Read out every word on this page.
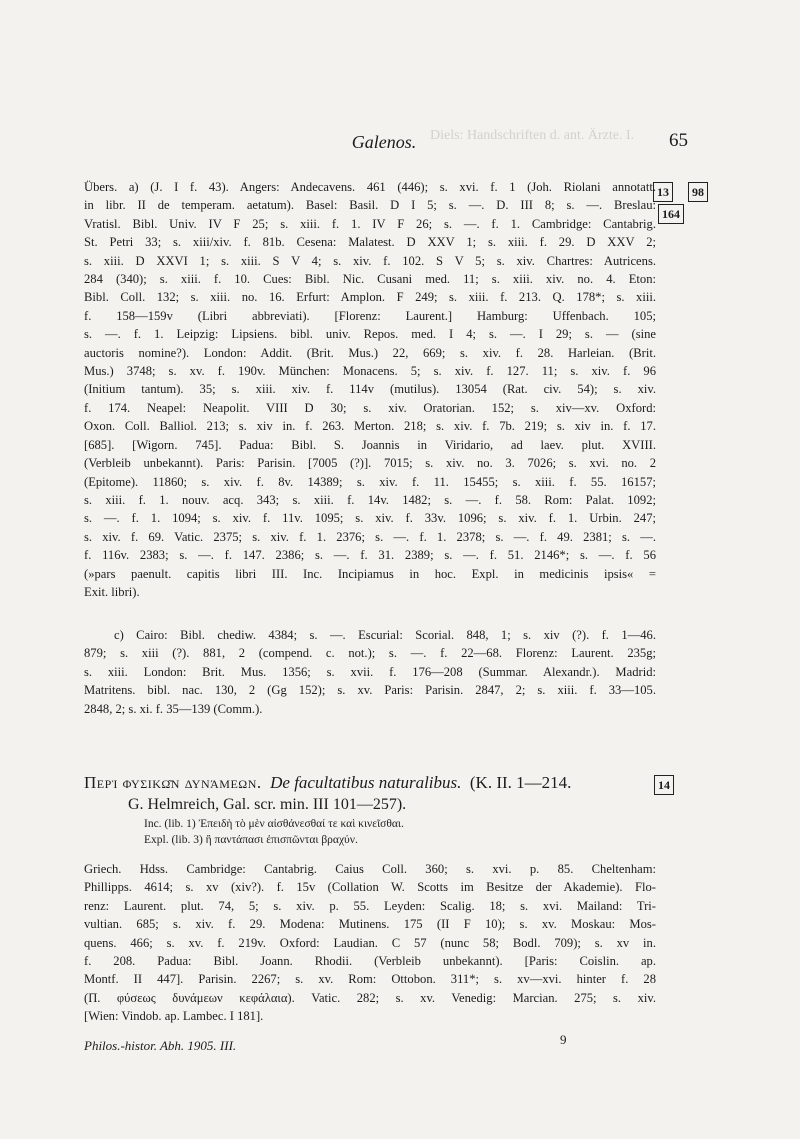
Diels: Handschriften d. ant. Ärzte. I.
Galenos.	65
13	98
164
14
Übers. a) (J. I f. 43). Angers: Andecavens. 461 (446); s. xvi. f. 1 (Joh. Riolani annotatt.
in libr. II de temperam. aetatum). Basel: Basil. D I 5; s. —. D. III 8; s. —. Breslau:
Vratisl. Bibl. Univ. IV F 25; s. xiii. f. 1. IV F 26; s. —. f. 1. Cambridge: Cantabrig.
St. Petri 33; s. xiii/xiv. f. 81b. Cesena: Malatest. D XXV 1; s. xiii. f. 29. D XXV 2;
s. xiii. D XXVI 1; s. xiii. S V 4; s. xiv. f. 102. S V 5; s. xiv. Chartres: Autricens.
284 (340); s. xiii. f. 10. Cues: Bibl. Nic. Cusani med. 11; s. xiii. xiv. no. 4. Eton:
Bibl. Coll. 132; s. xiii. no. 16. Erfurt: Amplon. F 249; s. xiii. f. 213. Q. 178*; s. xiii.
f. 158—159v (Libri abbreviati). [Florenz: Laurent.] Hamburg: Uffenbach. 105;
s. —. f. 1. Leipzig: Lipsiens. bibl. univ. Repos. med. I 4; s. —. I 29; s. — (sine
auctoris nomine?). London: Addit. (Brit. Mus.) 22, 669; s. xiv. f. 28. Harleian. (Brit.
Mus.) 3748; s. xv. f. 190v. München: Monacens. 5; s. xiv. f. 127. 11; s. xiv. f. 96
(Initium tantum). 35; s. xiii. xiv. f. 114v (mutilus). 13054 (Rat. civ. 54); s. xiv.
f. 174. Neapel: Neapolit. VIII D 30; s. xiv. Oratorian. 152; s. xiv—xv. Oxford:
Oxon. Coll. Balliol. 213; s. xiv in. f. 263. Merton. 218; s. xiv. f. 7b. 219; s. xiv in. f. 17.
[685]. [Wigorn. 745]. Padua: Bibl. S. Joannis in Viridario, ad laev. plut. XVIII.
(Verbleib unbekannt). Paris: Parisin. [7005 (?)]. 7015; s. xiv. no. 3. 7026; s. xvi. no. 2
(Epitome). 11860; s. xiv. f. 8v. 14389; s. xiv. f. 11. 15455; s. xiii. f. 55. 16157;
s. xiii. f. 1. nouv. acq. 343; s. xiii. f. 14v. 1482; s. —. f. 58. Rom: Palat. 1092;
s. —. f. 1. 1094; s. xiv. f. 11v. 1095; s. xiv. f. 33v. 1096; s. xiv. f. 1. Urbin. 247;
s. xiv. f. 69. Vatic. 2375; s. xiv. f. 1. 2376; s. —. f. 1. 2378; s. —. f. 49. 2381; s. —.
f. 116v. 2383; s. —. f. 147. 2386; s. —. f. 31. 2389; s. —. f. 51. 2146*; s. —. f. 56
(»pars paenult. capitis libri III. Inc. Incipiamus in hoc. Expl. in medicinis ipsis« =
Exit. libri).
c) Cairo: Bibl. chediw. 4384; s. —. Escurial: Scorial. 848, 1; s. xiv (?). f. 1—46.
879; s. xiii (?). 881, 2 (compend. c. not.); s. —. f. 22—68. Florenz: Laurent. 235g;
s. xiii. London: Brit. Mus. 1356; s. xvii. f. 176—208 (Summar. Alexandr.). Madrid:
Matritens. bibl. nac. 130, 2 (Gg 152); s. xv. Paris: Parisin. 2847, 2; s. xiii. f. 33—105.
2848, 2; s. xi. f. 35—139 (Comm.).
Περὶ φυσικῶν δυνάμεων. De facultatibus naturalibus. (K. II. 1—214.
G. Helmreich, Gal. scr. min. III 101—257).
Inc. (lib. 1) Ἐπειδὴ τὸ μὲν αἰσθάνεσθαί τε καὶ κινεῖσθαι.
Expl. (lib. 3) ἢ παντάπασι ἐπισπῶνται βραχύν.
Griech. Hdss. Cambridge: Cantabrig. Caius Coll. 360; s. xvi. p. 85. Cheltenham:
Phillipps. 4614; s. xv (xiv?). f. 15v (Collation W. Scotts im Besitze der Akademie). Flo-
renz: Laurent. plut. 74, 5; s. xiv. p. 55. Leyden: Scalig. 18; s. xvi. Mailand: Tri-
vultian. 685; s. xiv. f. 29. Modena: Mutinens. 175 (II F 10); s. xv. Moskau: Mos-
quens. 466; s. xv. f. 219v. Oxford: Laudian. C 57 (nunc 58; Bodl. 709); s. xv in.
f. 208. Padua: Bibl. Joann. Rhodii. (Verbleib unbekannt). [Paris: Coislin. ap.
Montf. II 447]. Parisin. 2267; s. xv. Rom: Ottobon. 311*; s. xv—xvi. hinter f. 28
(Π. φύσεως δυνάμεων κεφάλαια). Vatic. 282; s. xv. Venedig: Marcian. 275; s. xiv.
[Wien: Vindob. ap. Lambec. I 181].
Philos.-histor. Abh. 1905. III.	9
